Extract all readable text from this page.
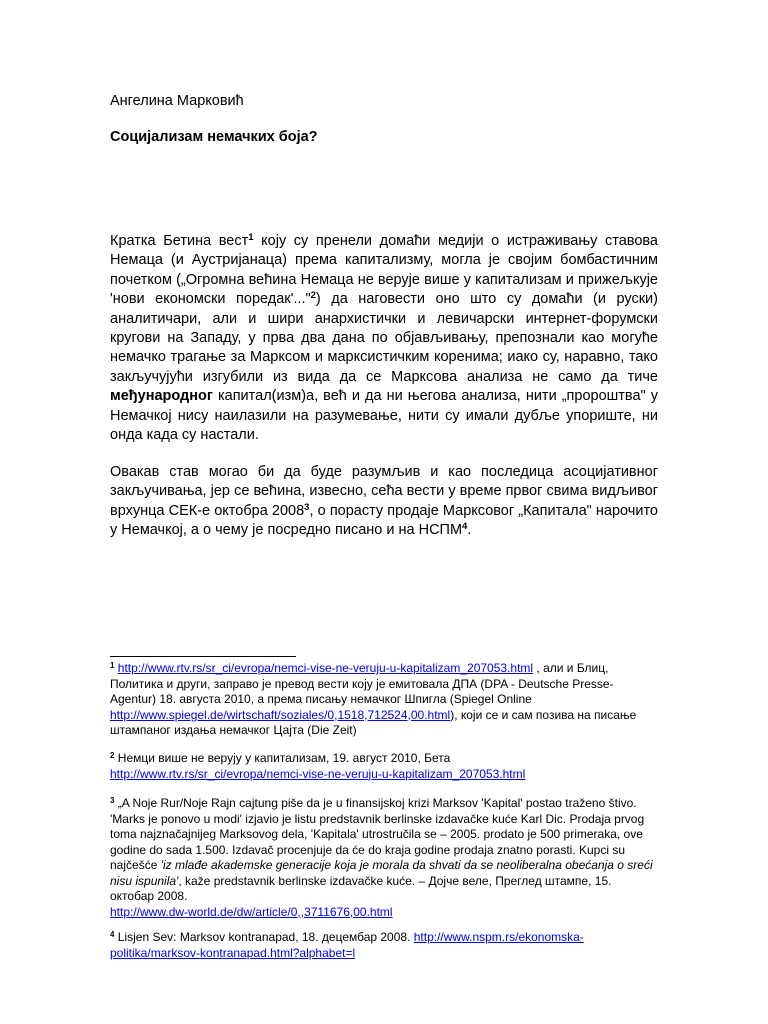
Ангелина Марковић
Социјализам немачких боја?

Кратка Бетина вест$^1$ коју су пренели домаћи медији о истраживању ставова Немаца (и Аустријанаца) према капитализму, могла је својим бомбастичним почетком („Огромна већина Немаца не верује више у капитализам и прижељкује 'нови економски поредак'..."$^2$) да наговести оно што су домаћи (и руски) аналитичари, али и шири анархистички и левичарски интернет-форумски кругови на Западу, у прва два дана по објављивању, препознали као могуће немачко трагање за Марксом и марксистичким коренима; иако су, наравно, тако закључујући изгубили из вида да се Марксова анализа не само да тиче међународног капитал(изм)а, већ и да ни његова анализа, нити „пророштва" у Немачкој нису наилазили на разумевање, нити су имали дубље упориште, ни онда када су настали.

Овакав став могао би да буде разумљив и као последица асоцијативног закључивања, јер се већина, извесно, сећа вести у време првог свима видљивог врхунца СЕК-е октобра 2008$^3$, о порасту продаје Марксовог „Капитала" нарочито у Немачкој, а о чему је посредно писано и на НСПМ$^4$.

$^1$ http://www.rtv.rs/sr_ci/evropa/nemci-vise-ne-veruju-u-kapitalizam_207053.html , али и Блиц, Политика и други, заправо је превод вести коју је емитовала ДПА (DPA - Deutsche Presse-Agentur) 18. августа 2010, а према писању немачког Шпигла (Spiegel Online http://www.spiegel.de/wirtschaft/soziales/0,1518,712524,00.html), који се и сам позива на писање штампаног издања немачког Цајта (Die Zeit)

$^2$ Немци више не верују у капитализам, 19. август 2010, Бета
http://www.rtv.rs/sr_ci/evropa/nemci-vise-ne-veruju-u-kapitalizam_207053.html

$^3$ „A Noje Rur/Noje Rajn cajtung piše da je u finansijskoj krizi Marksov 'Kapital' postao traženo štivo. 'Marks je ponovo u modi' izjavio je listu predstavnik berlinske izdavačke kuće Karl Dic. Prodaja prvog toma najznačajnijeg Marksovog dela, 'Kapitala' utrostručila se – 2005. prodato je 500 primeraka, ove godine do sada 1.500. Izdavač procenjuje da će do kraja godine prodaja znatno porasti. Kupci su najčešće 'iz mlađe akademske generacije koja je morala da shvati da se neoliberalna obećanja o sreći nisu ispunila', kaže predstavnik berlinske izdavačke kuće. – Дојче веле, Преглед штампе, 15. октобар 2008.
http://www.dw-world.de/dw/article/0,,3711676,00.html

$^4$ Lisjen Sev: Marksov kontranapad, 18. децембар 2008. http://www.nspm.rs/ekonomska-politika/marksov-kontranapad.html?alphabet=l
